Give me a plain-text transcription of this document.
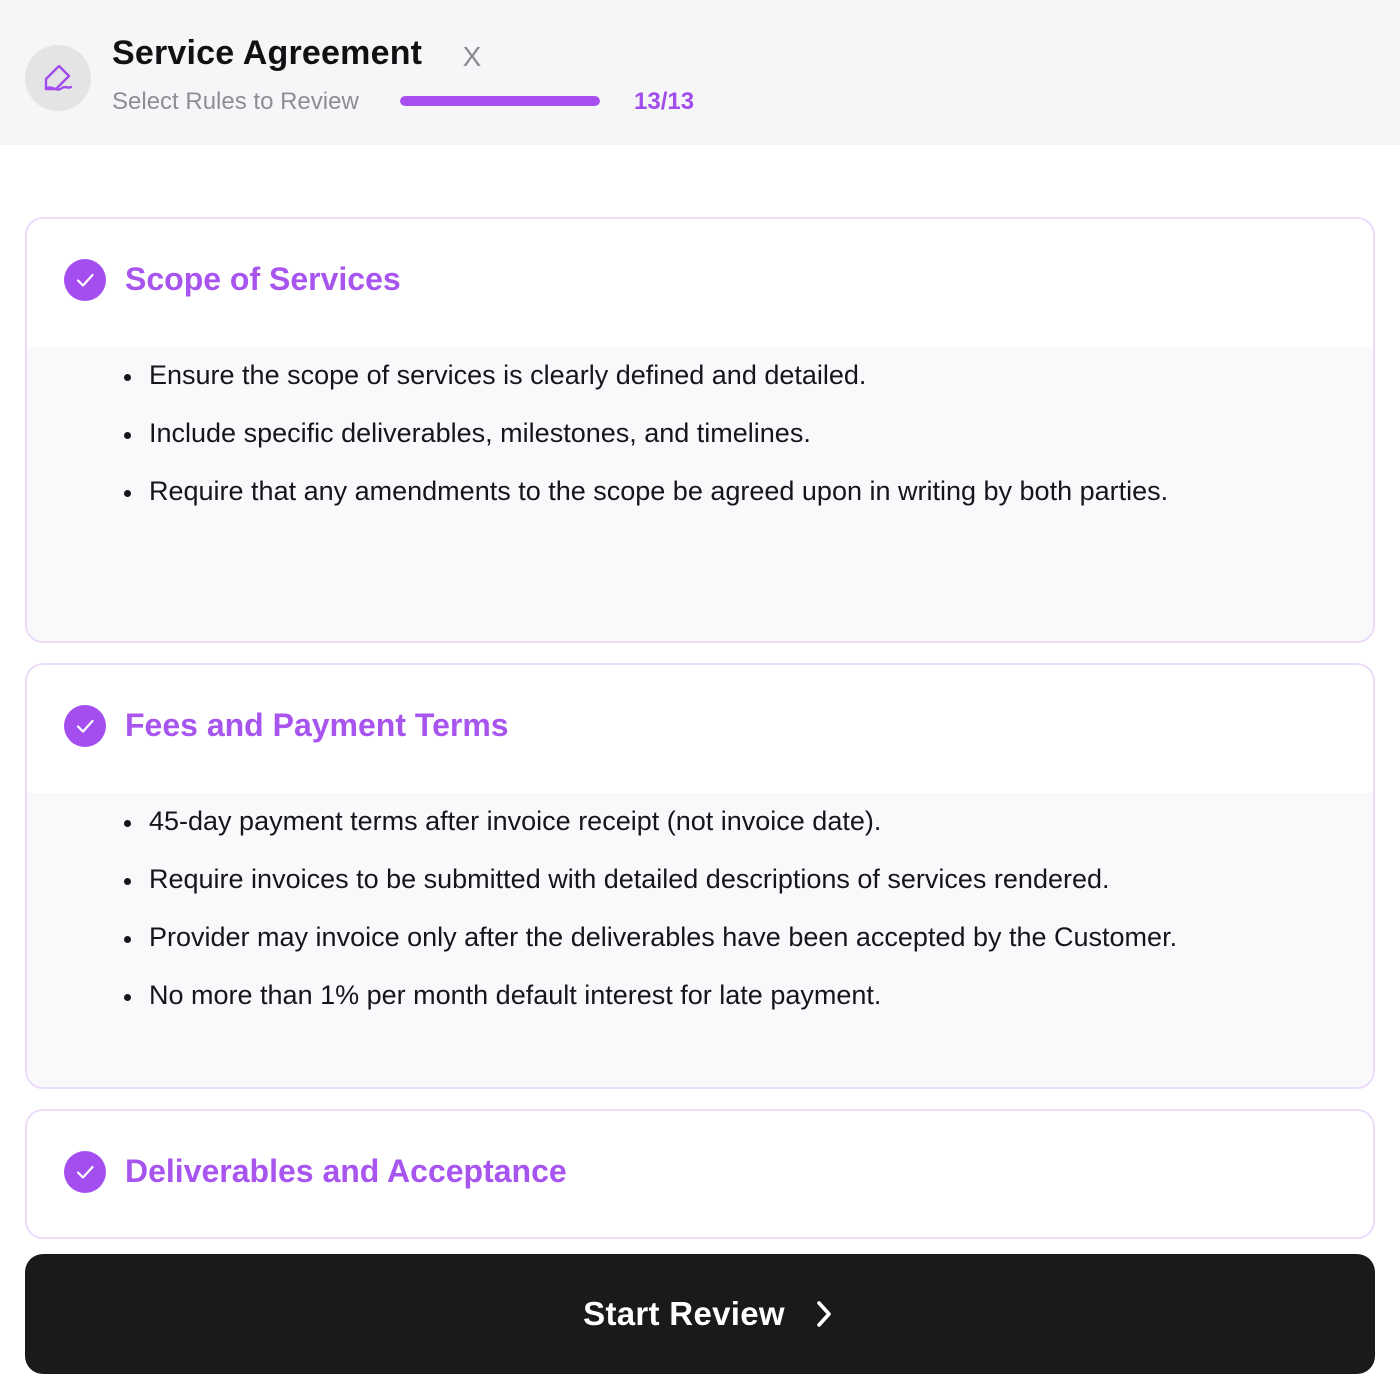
Service Agreement X
Select Rules to Review	13/13
Scope of Services
Ensure the scope of services is clearly defined and detailed.
Include specific deliverables, milestones, and timelines.
Require that any amendments to the scope be agreed upon in writing by both parties.
Fees and Payment Terms
45-day payment terms after invoice receipt (not invoice date).
Require invoices to be submitted with detailed descriptions of services rendered.
Provider may invoice only after the deliverables have been accepted by the Customer.
No more than 1% per month default interest for late payment.
Deliverables and Acceptance
Start Review
